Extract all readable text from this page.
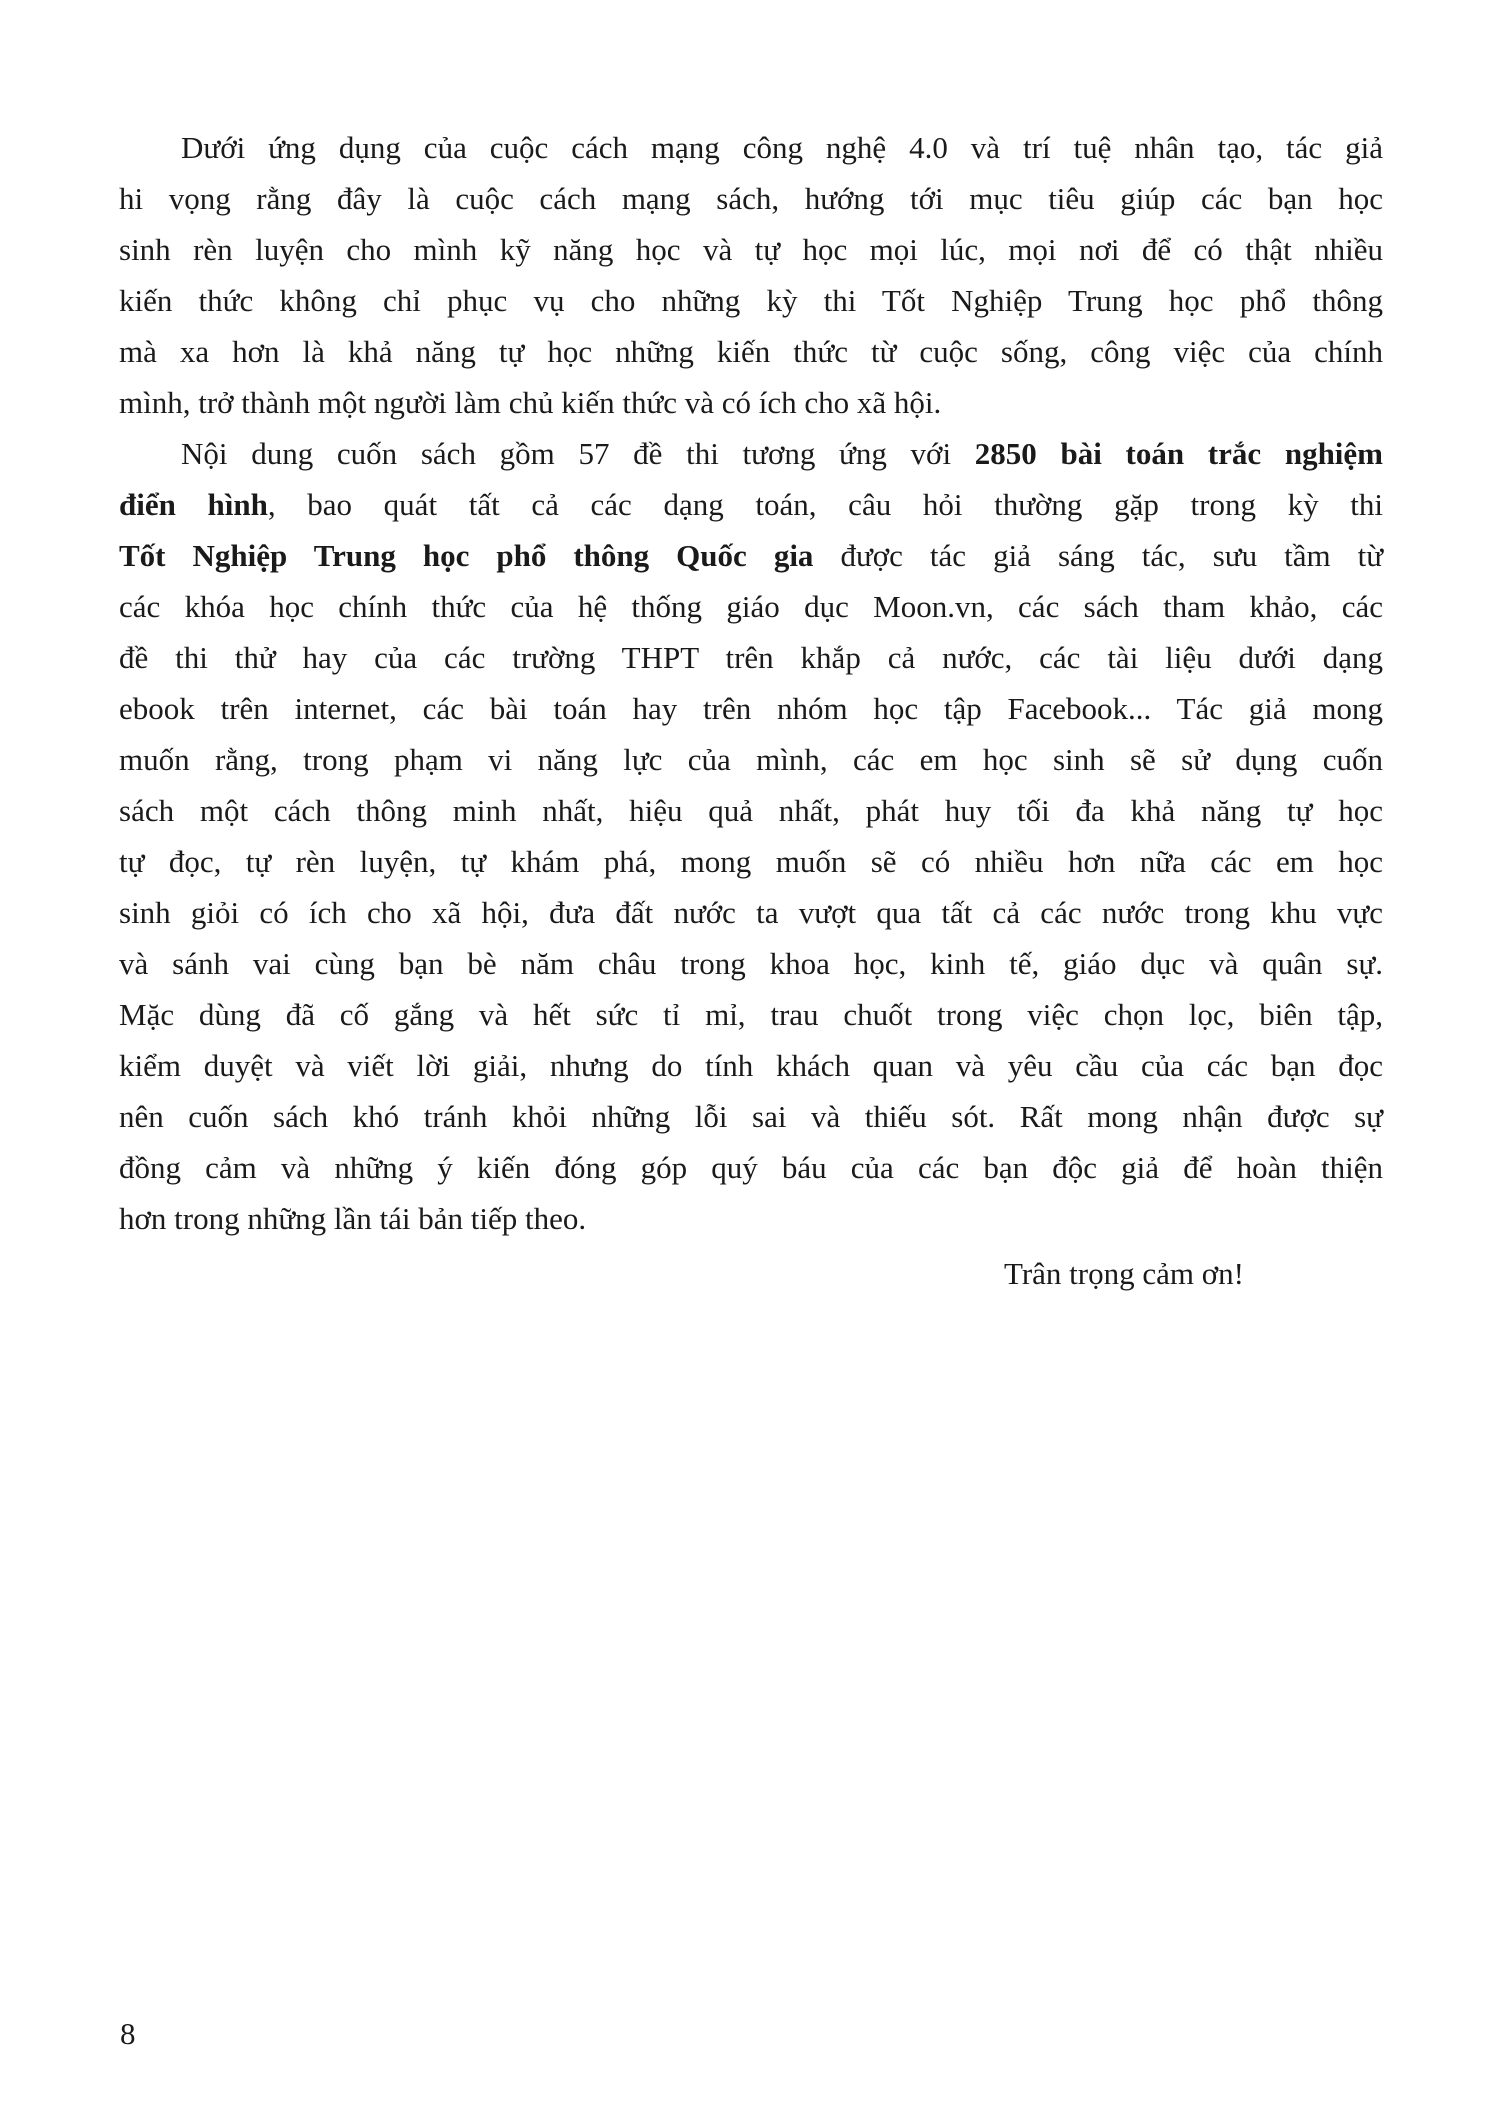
Dưới ứng dụng của cuộc cách mạng công nghệ 4.0 và trí tuệ nhân tạo, tác giả
hi vọng rằng đây là cuộc cách mạng sách, hướng tới mục tiêu giúp các bạn học
sinh rèn luyện cho mình kỹ năng học và tự học mọi lúc, mọi nơi để có thật nhiều
kiến thức không chỉ phục vụ cho những kỳ thi Tốt Nghiệp Trung học phổ thông
mà xa hơn là khả năng tự học những kiến thức từ cuộc sống, công việc của chính
mình, trở thành một người làm chủ kiến thức và có ích cho xã hội.
Nội dung cuốn sách gồm 57 đề thi tương ứng với 2850 bài toán trắc nghiệm
điển hình, bao quát tất cả các dạng toán, câu hỏi thường gặp trong kỳ thi
Tốt Nghiệp Trung học phổ thông Quốc gia được tác giả sáng tác, sưu tầm từ
các khóa học chính thức của hệ thống giáo dục Moon.vn, các sách tham khảo, các
đề thi thử hay của các trường THPT trên khắp cả nước, các tài liệu dưới dạng
ebook trên internet, các bài toán hay trên nhóm học tập Facebook... Tác giả mong
muốn rằng, trong phạm vi năng lực của mình, các em học sinh sẽ sử dụng cuốn
sách một cách thông minh nhất, hiệu quả nhất, phát huy tối đa khả năng tự học
tự đọc, tự rèn luyện, tự khám phá, mong muốn sẽ có nhiều hơn nữa các em học
sinh giỏi có ích cho xã hội, đưa đất nước ta vượt qua tất cả các nước trong khu vực
và sánh vai cùng bạn bè năm châu trong khoa học, kinh tế, giáo dục và quân sự.
Mặc dùng đã cố gắng và hết sức tỉ mỉ, trau chuốt trong việc chọn lọc, biên tập,
kiểm duyệt và viết lời giải, nhưng do tính khách quan và yêu cầu của các bạn đọc
nên cuốn sách khó tránh khỏi những lỗi sai và thiếu sót. Rất mong nhận được sự
đồng cảm và những ý kiến đóng góp quý báu của các bạn độc giả để hoàn thiện
hơn trong những lần tái bản tiếp theo.
Trân trọng cảm ơn!
8
